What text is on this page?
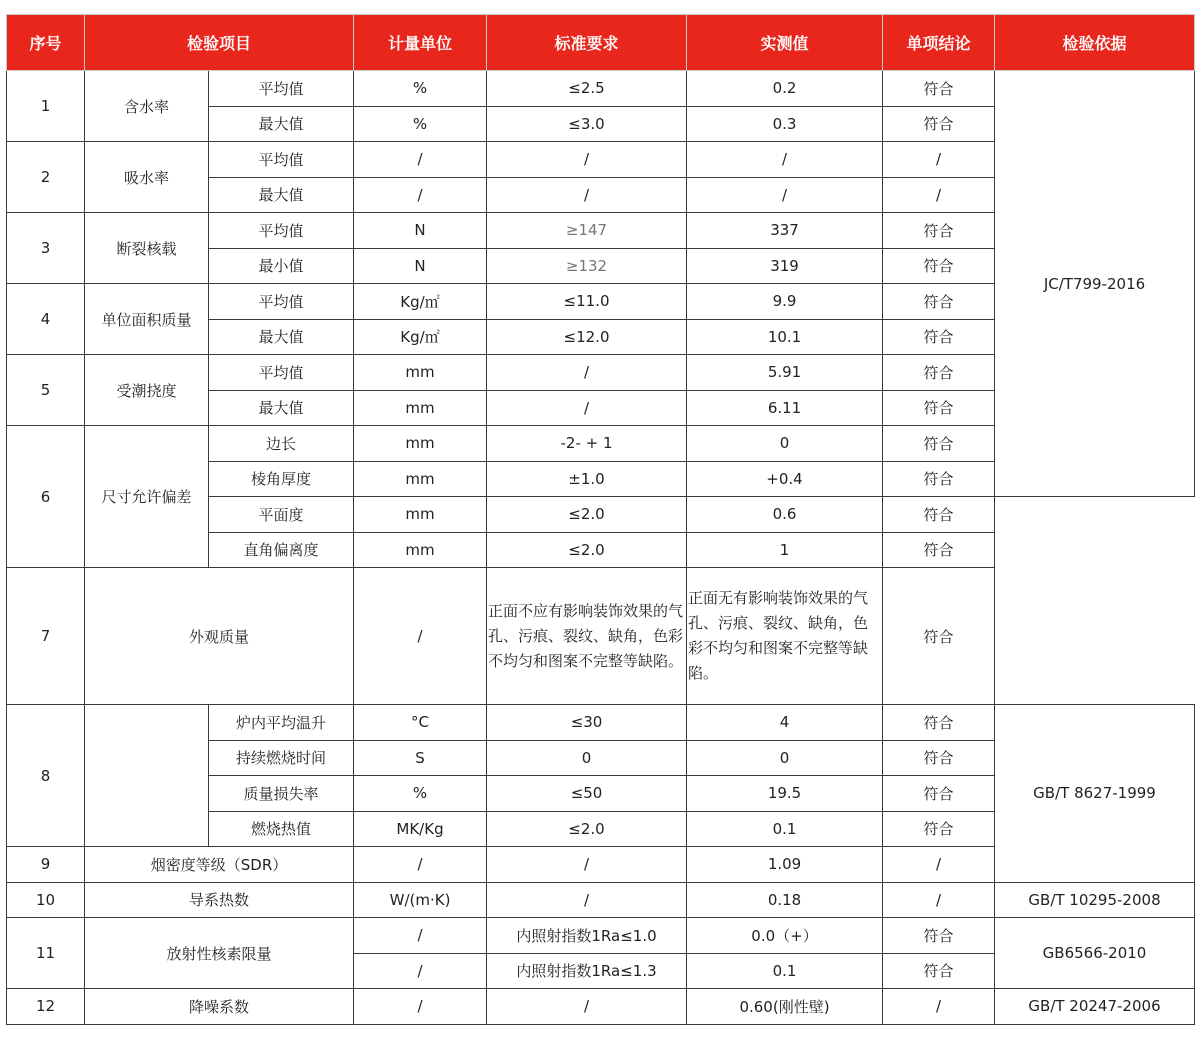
序号	检验项目		计量单位	标准要求	实测值	单项结论	检验依据
1	含水率	平均值	%	≤2.5	0.2	符合	JC/T799-2016
		最大值	%	≤3.0	0.3	符合	
2	吸水率	平均值	/	/	/	/	
		最大值	/	/	/	/	
3	断裂核载	平均值	N	≥147	337	符合	
		最小值	N	≥132	319	符合	
4	单位面积质量	平均值	Kg/㎡	≤11.0	9.9	符合	
		最大值	Kg/㎡	≤12.0	10.1	符合	
5	受潮挠度	平均值	mm	/	5.91	符合	
		最大值	mm	/	6.11	符合	
6	尺寸允许偏差	边长	mm	-2- + 1	0	符合	
		棱角厚度	mm	±1.0	+0.4	符合	
		平面度	mm	≤2.0	0.6	符合	
		直角偏离度	mm	≤2.0	1	符合	
7	外观质量		/	正面不应有影响装饰效果的气孔、污痕、裂纹、缺角，色彩不均匀和图案不完整等缺陷。	正面无有影响装饰效果的气孔、污痕、裂纹、缺角，色彩不均匀和图案不完整等缺陷。	符合	
8		炉内平均温升	°C	≤30	4	符合	GB/T 8627-1999
		持续燃烧时间	S	0	0	符合	
		质量损失率	%	≤50	19.5	符合	
		燃烧热值	MK/Kg	≤2.0	0.1	符合	
9	烟密度等级（SDR）		/	/	1.09	/	
10	导系热数		W/(m·K)	/	0.18	/	GB/T 10295-2008
11	放射性核素限量		/	内照射指数1Ra≤1.0	0.0（+）	符合	GB6566-2010
			/	内照射指数1Ra≤1.3	0.1	符合	
12	降噪系数		/	/	0.60(刚性壁)	/	GB/T 20247-2006
